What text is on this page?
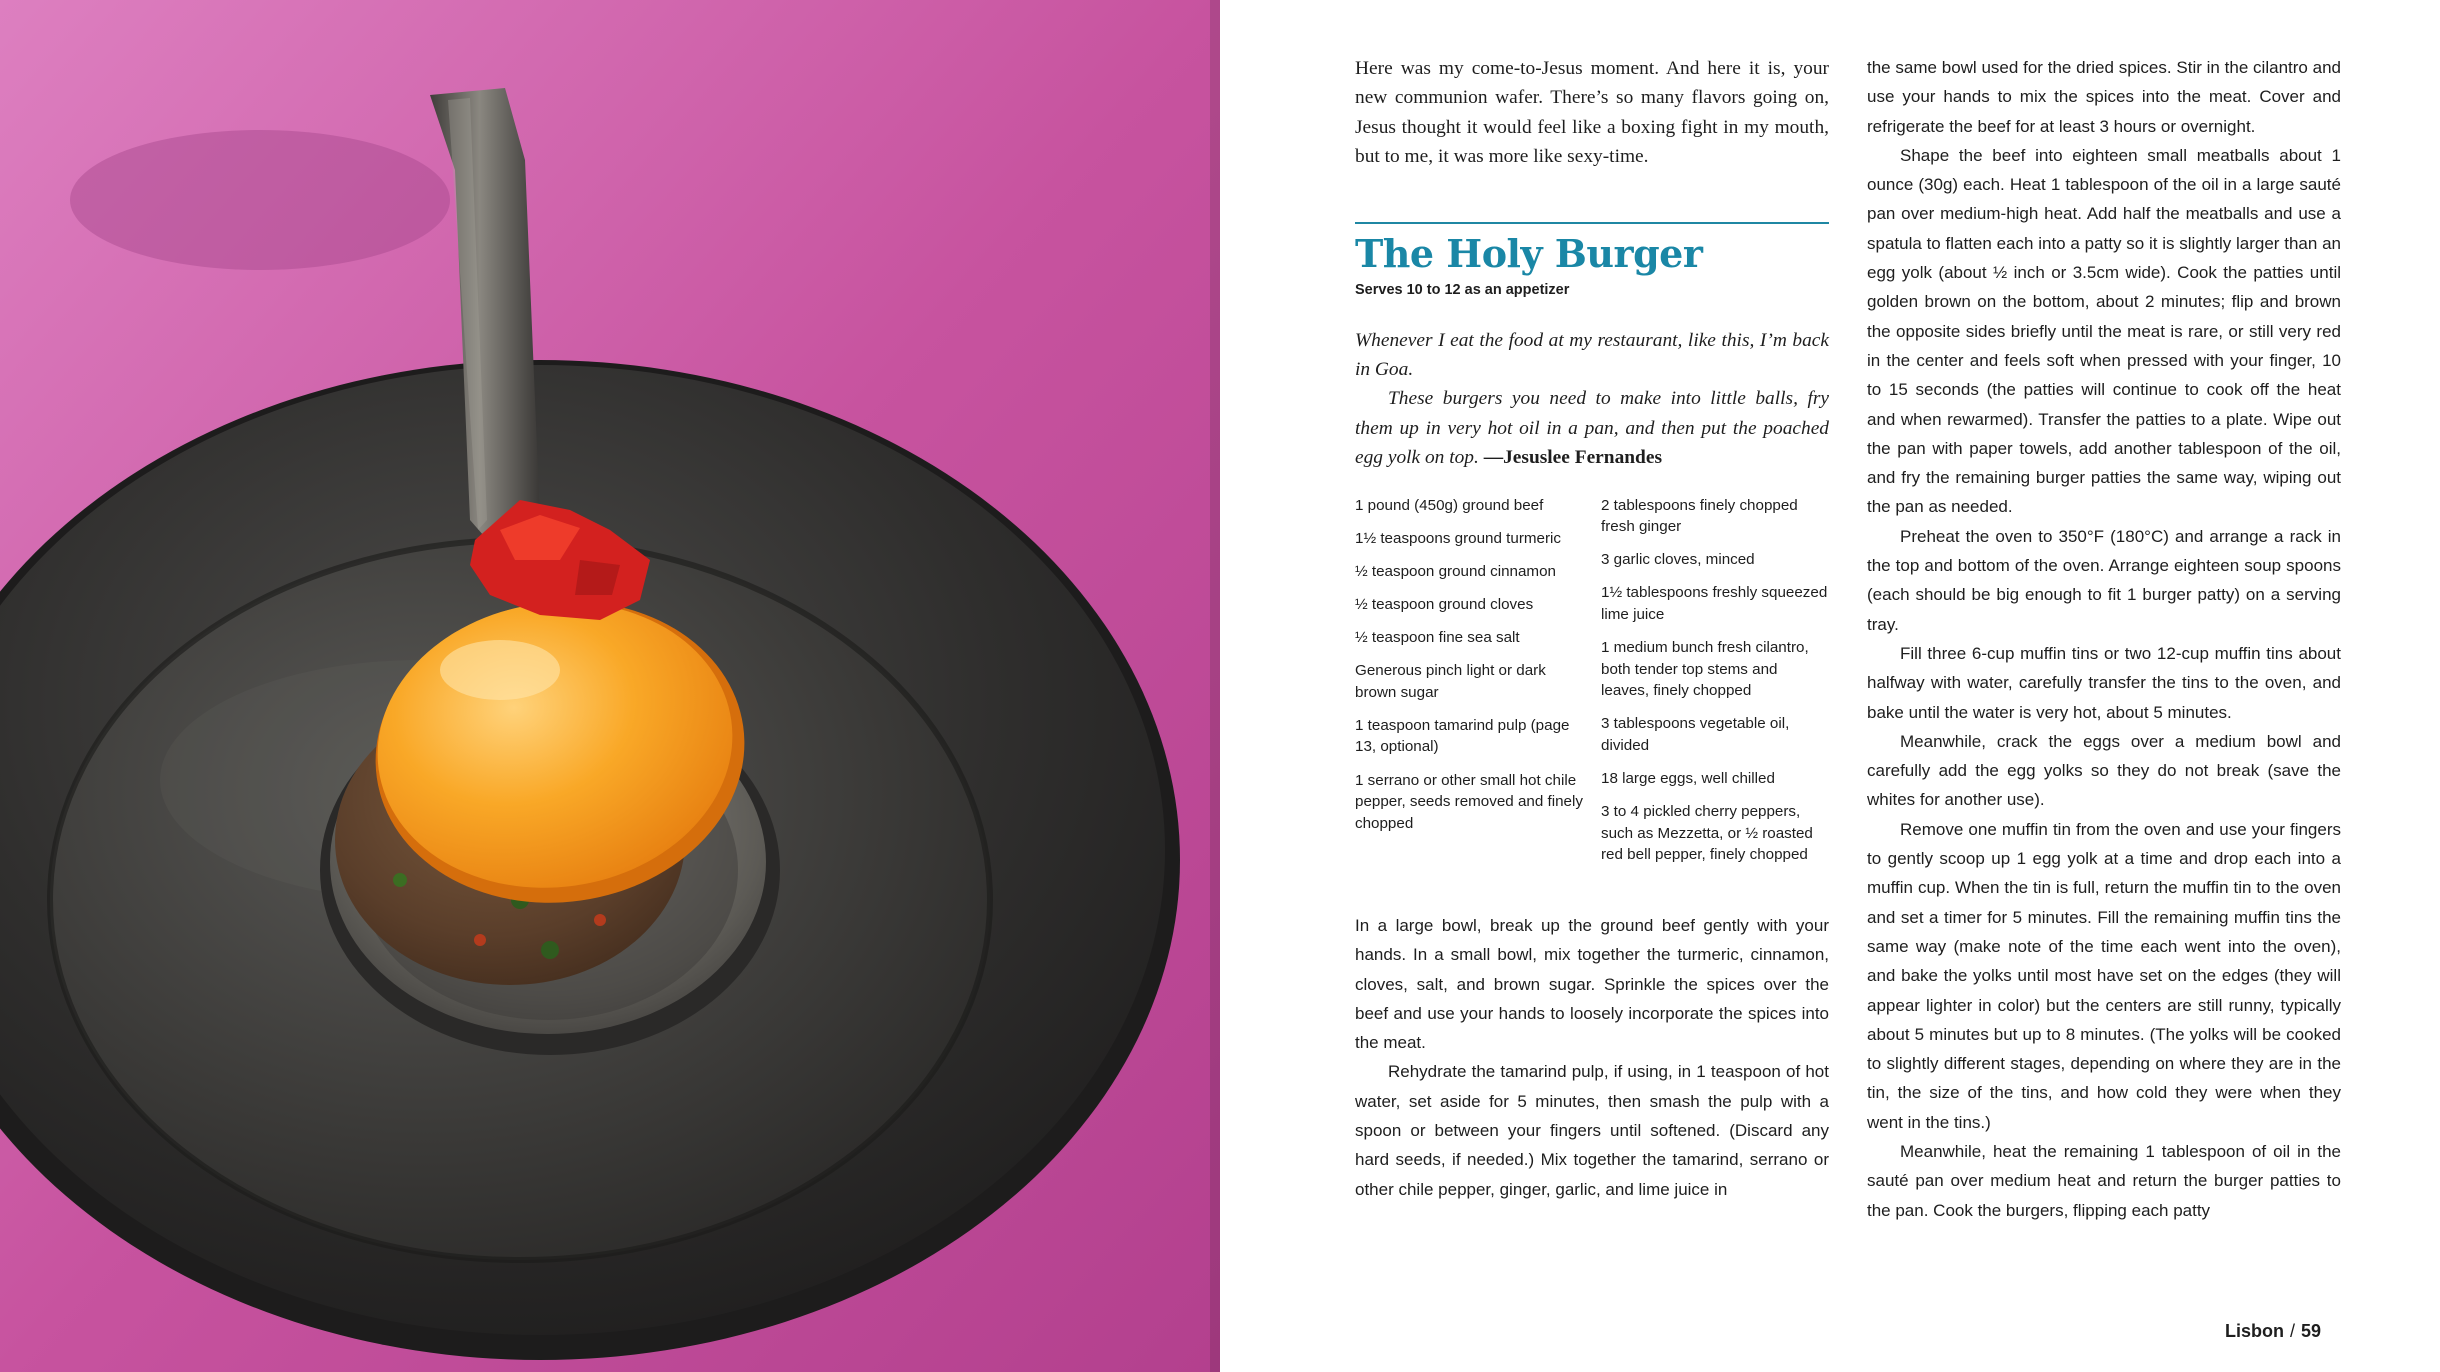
Here was my come-to-Jesus moment. And here it is, your new communion wafer. There’s so many flavors going on, Jesus thought it would feel like a boxing fight in my mouth, but to me, it was more like sexy-time.

The Holy Burger
Serves 10 to 12 as an appetizer

Whenever I eat the food at my restaurant, like this, I’m back in Goa.

These burgers you need to make into little balls, fry them up in very hot oil in a pan, and then put the poached egg yolk on top. —Jesuslee Fernandes

1 pound (450g) ground beef
1½ teaspoons ground turmeric
½ teaspoon ground cinnamon
½ teaspoon ground cloves
½ teaspoon fine sea salt
Generous pinch light or dark brown sugar
1 teaspoon tamarind pulp (page 13, optional)
1 serrano or other small hot chile pepper, seeds removed and finely chopped
2 tablespoons finely chopped fresh ginger
3 garlic cloves, minced
1½ tablespoons freshly squeezed lime juice
1 medium bunch fresh cilantro, both tender top stems and leaves, finely chopped
3 tablespoons vegetable oil, divided
18 large eggs, well chilled
3 to 4 pickled cherry peppers, such as Mezzetta, or ½ roasted red bell pepper, finely chopped

In a large bowl, break up the ground beef gently with your hands. In a small bowl, mix together the turmeric, cinnamon, cloves, salt, and brown sugar. Sprinkle the spices over the beef and use your hands to loosely incorporate the spices into the meat.

Rehydrate the tamarind pulp, if using, in 1 teaspoon of hot water, set aside for 5 minutes, then smash the pulp with a spoon or between your fingers until softened. (Discard any hard seeds, if needed.) Mix together the tamarind, serrano or other chile pepper, ginger, garlic, and lime juice in

the same bowl used for the dried spices. Stir in the cilantro and use your hands to mix the spices into the meat. Cover and refrigerate the beef for at least 3 hours or overnight.

Shape the beef into eighteen small meatballs about 1 ounce (30g) each. Heat 1 tablespoon of the oil in a large sauté pan over medium-high heat. Add half the meatballs and use a spatula to flatten each into a patty so it is slightly larger than an egg yolk (about ½ inch or 3.5cm wide). Cook the patties until golden brown on the bottom, about 2 minutes; flip and brown the opposite sides briefly until the meat is rare, or still very red in the center and feels soft when pressed with your finger, 10 to 15 seconds (the patties will continue to cook off the heat and when rewarmed). Transfer the patties to a plate. Wipe out the pan with paper towels, add another tablespoon of the oil, and fry the remaining burger patties the same way, wiping out the pan as needed.

Preheat the oven to 350°F (180°C) and arrange a rack in the top and bottom of the oven. Arrange eighteen soup spoons (each should be big enough to fit 1 burger patty) on a serving tray.

Fill three 6-cup muffin tins or two 12-cup muffin tins about halfway with water, carefully transfer the tins to the oven, and bake until the water is very hot, about 5 minutes.

Meanwhile, crack the eggs over a medium bowl and carefully add the egg yolks so they do not break (save the whites for another use).

Remove one muffin tin from the oven and use your fingers to gently scoop up 1 egg yolk at a time and drop each into a muffin cup. When the tin is full, return the muffin tin to the oven and set a timer for 5 minutes. Fill the remaining muffin tins the same way (make note of the time each went into the oven), and bake the yolks until most have set on the edges (they will appear lighter in color) but the centers are still runny, typically about 5 minutes but up to 8 minutes. (The yolks will be cooked to slightly different stages, depending on where they are in the tin, the size of the tins, and how cold they were when they went in the tins.)

Meanwhile, heat the remaining 1 tablespoon of oil in the sauté pan over medium heat and return the burger patties to the pan. Cook the burgers, flipping each patty

Lisbon / 59
